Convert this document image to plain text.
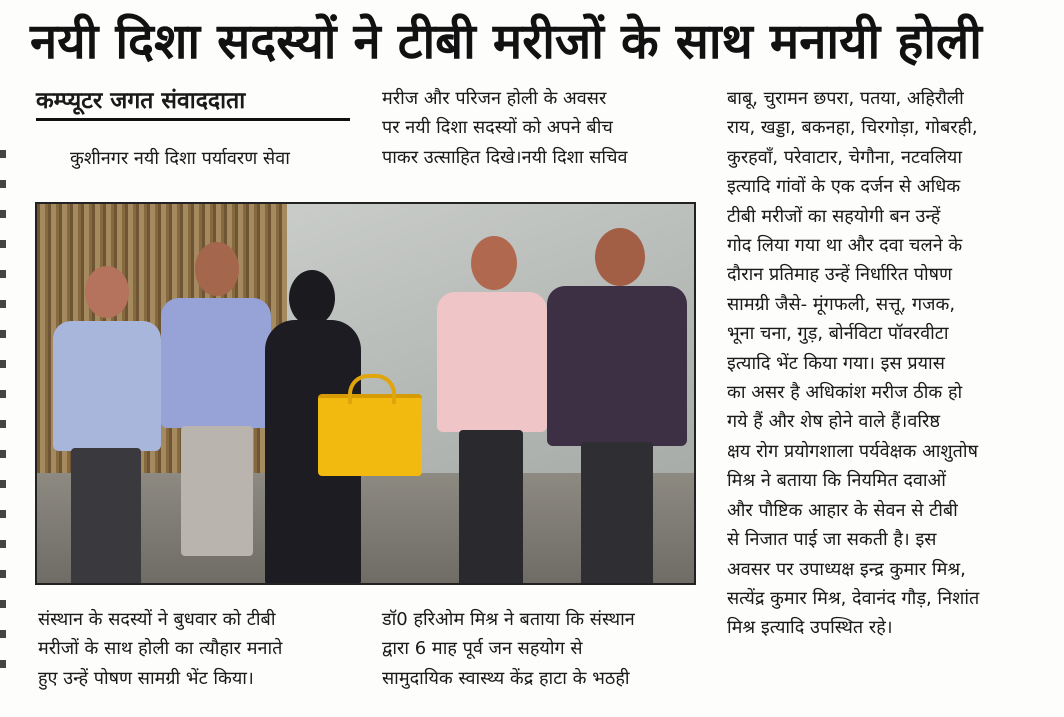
नयी दिशा सदस्यों ने टीबी मरीजों के साथ मनायी होली
कम्प्यूटर जगत संवाददाता
कुशीनगर नयी दिशा पर्यावरण सेवा

मरीज और परिजन होली के अवसर

पर नयी दिशा सदस्यों को अपने बीच

पाकर उत्साहित दिखे।नयी दिशा सचिव

संस्थान के सदस्यों ने बुधवार को टीबी

मरीजों के साथ होली का त्यौहार मनाते

हुए उन्हें पोषण सामग्री भेंट किया।

डॉ0 हरिओम मिश्र ने बताया कि संस्थान

द्वारा 6 माह पूर्व जन सहयोग से

सामुदायिक स्वास्थ्य केंद्र हाटा के भठही

बाबू, चुरामन छपरा, पतया, अहिरौली

राय, खड्डा, बकनहा, चिरगोड़ा, गोबरही,

कुरहवाँ, परेवाटार, चेगौना, नटवलिया

इत्यादि गांवों के एक दर्जन से अधिक

टीबी मरीजों का सहयोगी बन उन्हें

गोद लिया गया था और दवा चलने के

दौरान प्रतिमाह उन्हें निर्धारित पोषण

सामग्री जैसे- मूंगफली, सत्तू, गजक,

भूना चना, गुड़, बोर्नविटा पॉवरवीटा

इत्यादि भेंट किया गया। इस प्रयास

का असर है अधिकांश मरीज ठीक हो

गये हैं और शेष होने वाले हैं।वरिष्ठ

क्षय रोग प्रयोगशाला पर्यवेक्षक आशुतोष

मिश्र ने बताया कि नियमित दवाओं

और पौष्टिक आहार के सेवन से टीबी

से निजात पाई जा सकती है। इस

अवसर पर उपाध्यक्ष इन्द्र कुमार मिश्र,

सत्येंद्र कुमार मिश्र, देवानंद गौड़, निशांत

मिश्र इत्यादि उपस्थित रहे।
